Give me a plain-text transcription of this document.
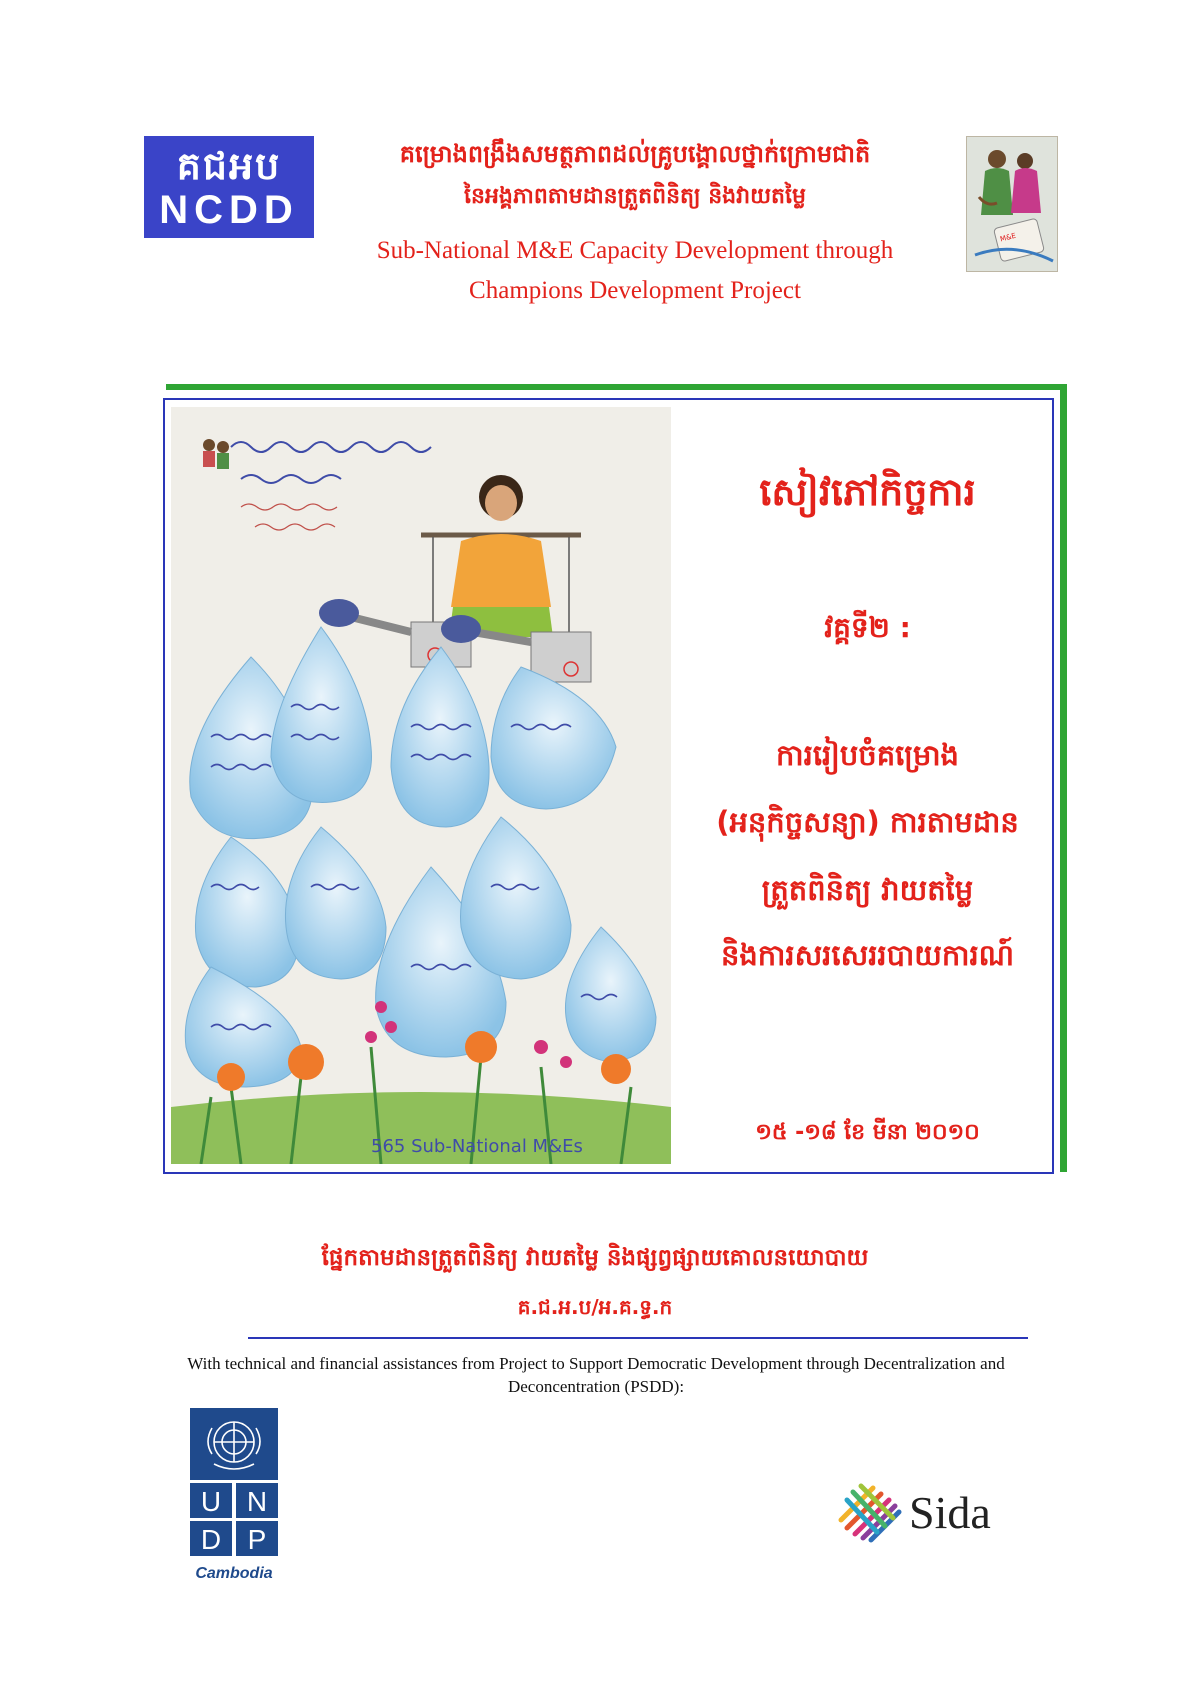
គជអប
NCDD
គម្រោងពង្រឹងសមត្ថភាពដល់គ្រូបង្គោលថ្នាក់ក្រោមជាតិ
នៃអង្គភាពតាមដានត្រួតពិនិត្យ និងវាយតម្លៃ
Sub-National M&E Capacity Development through
Champions Development Project
M&E
565 Sub-National M&Es
សៀវភៅកិច្ចការ
វគ្គទី២ :
ការរៀបចំគម្រោង
(អនុកិច្ចសន្យា) ការតាមដាន
ត្រួតពិនិត្យ វាយតម្លៃ
និងការសរសេររបាយការណ៍
១៥ -១៨ ខែ មីនា ២០១០
ផ្នែកតាមដានត្រួតពិនិត្យ វាយតម្លៃ និងផ្សព្វផ្សាយគោលនយោបាយ
គ.ជ.អ.ប/អ.គ.ទ្ធ.ក
With technical and financial assistances from Project to Support Democratic Development through Decentralization and Deconcentration (PSDD):
U N
D P
Cambodia
Sida
